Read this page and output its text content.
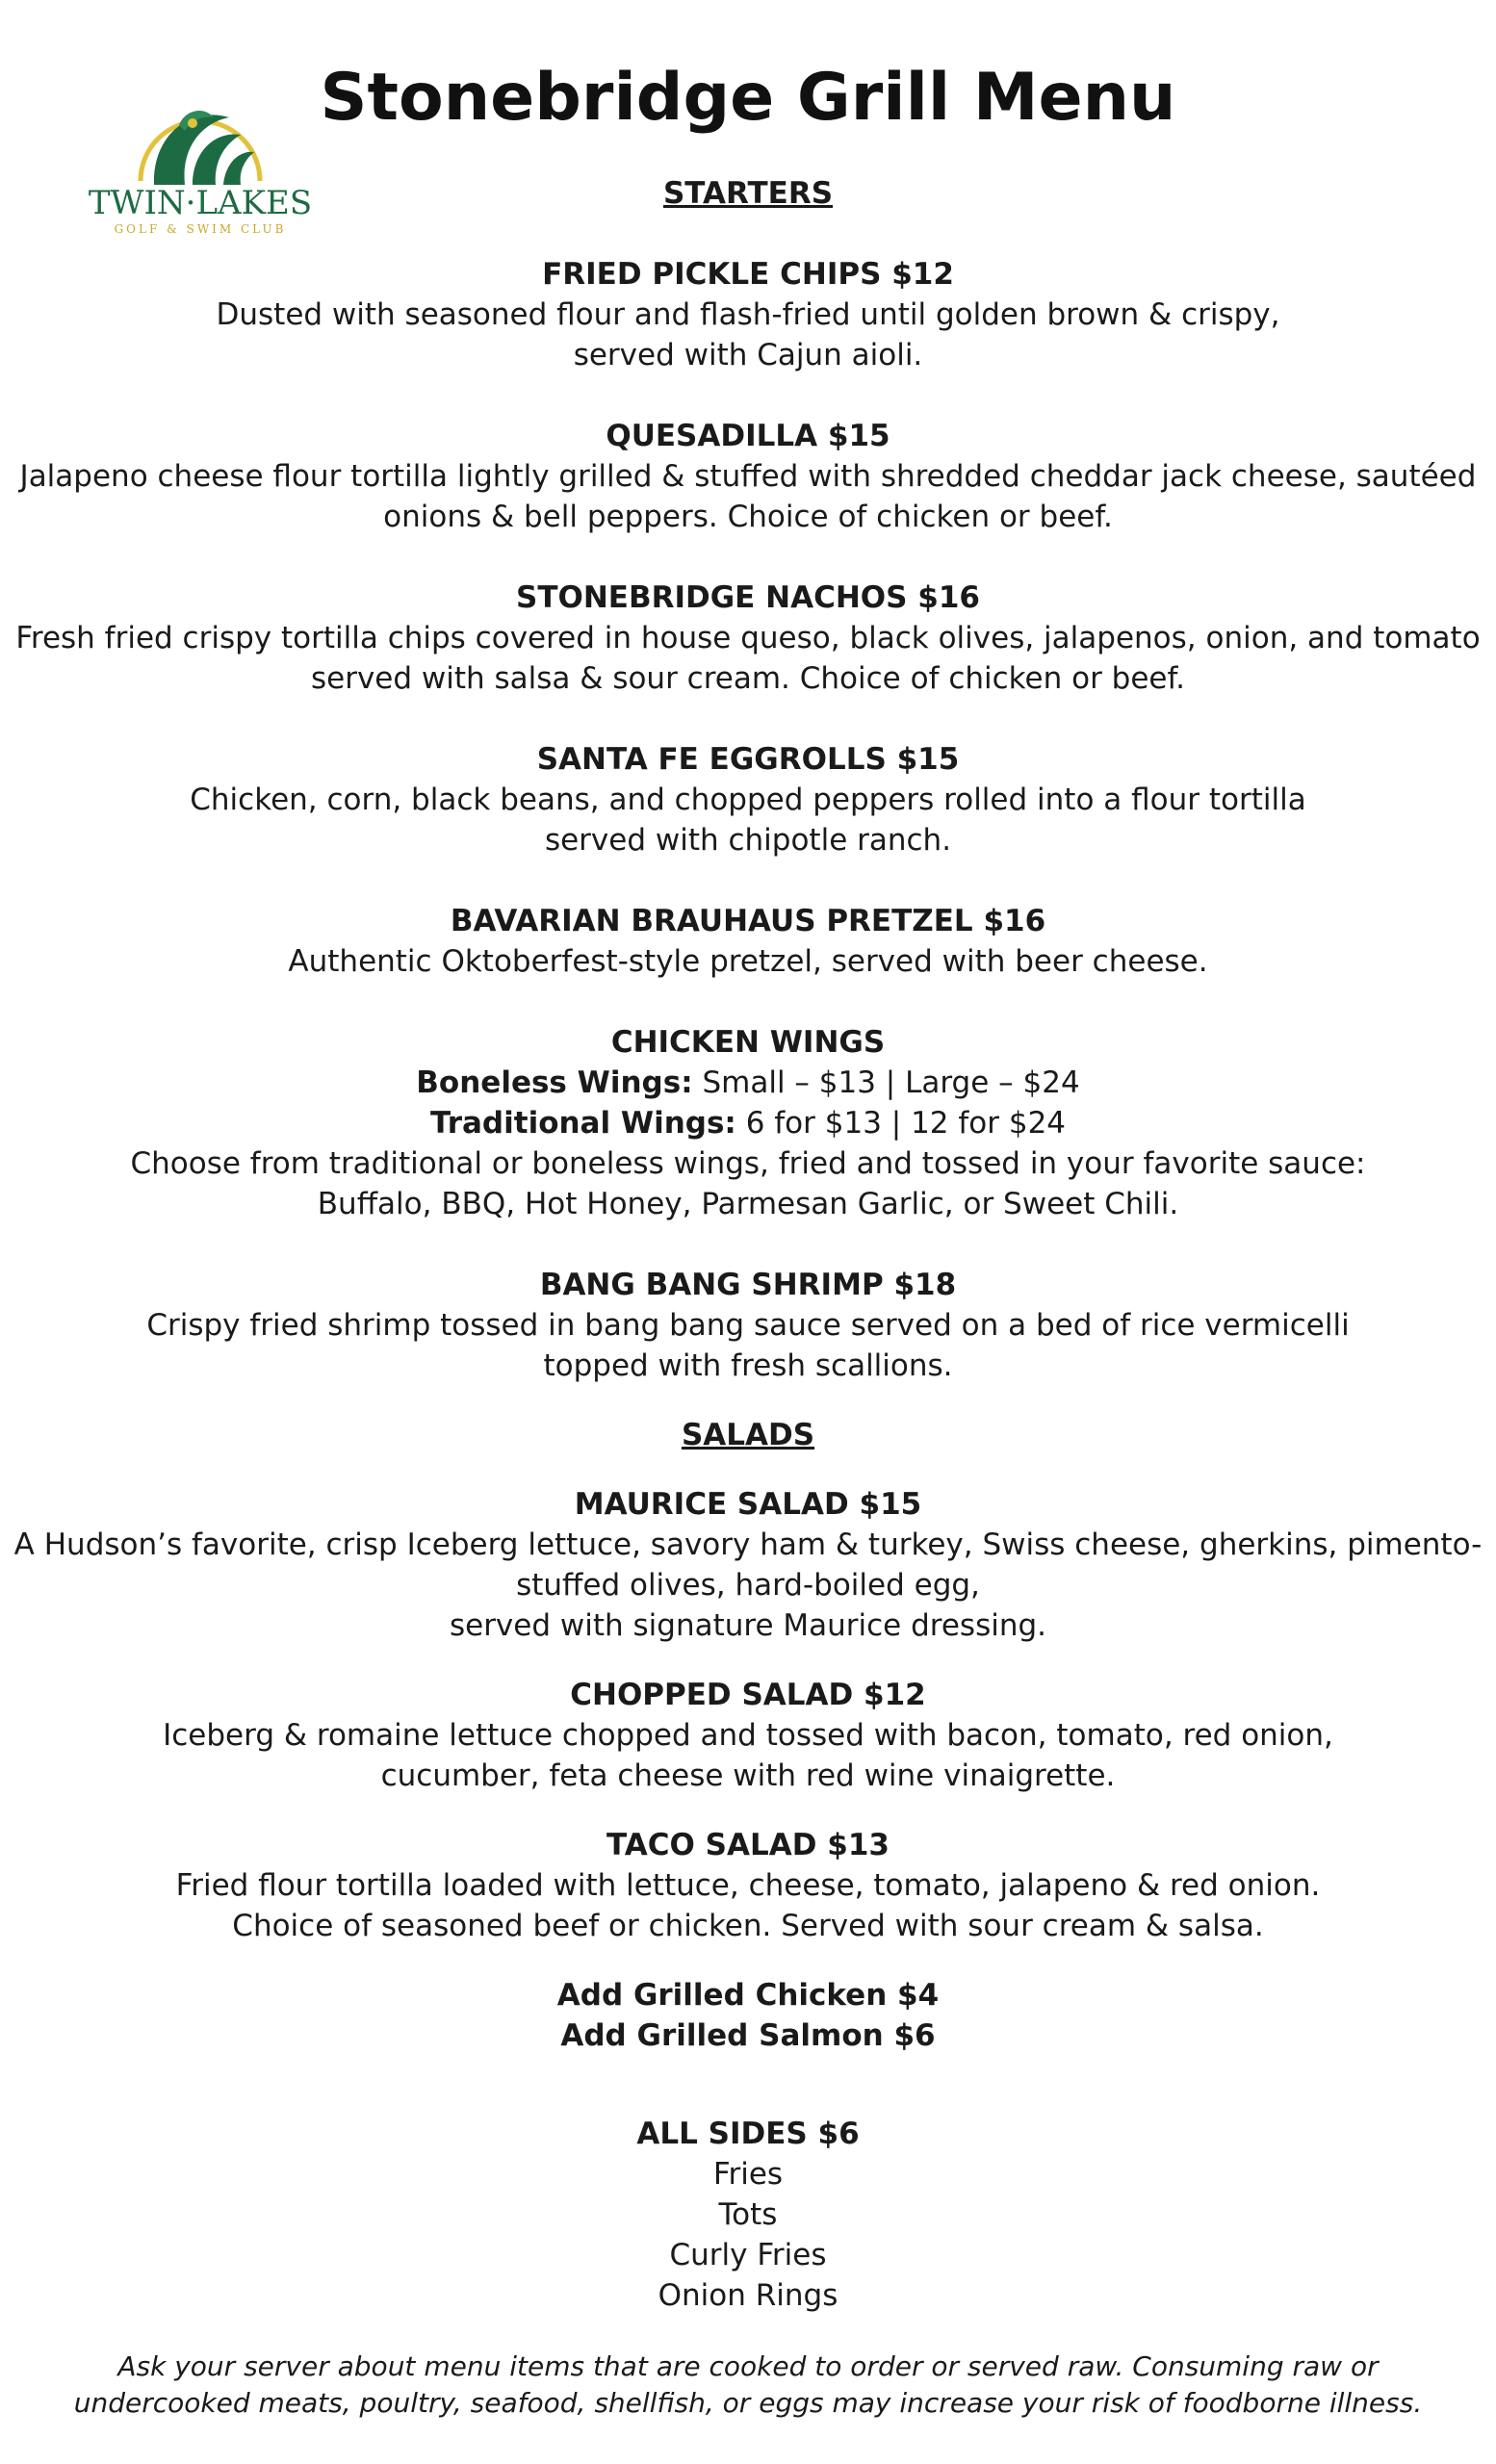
TWIN·LAKES
GOLF & SWIM CLUB
Stonebridge Grill Menu
STARTERS
FRIED PICKLE CHIPS $12
Dusted with seasoned flour and flash-fried until golden brown & crispy,
served with Cajun aioli.
QUESADILLA $15
Jalapeno cheese flour tortilla lightly grilled & stuffed with shredded cheddar jack cheese, sautéed
onions & bell peppers. Choice of chicken or beef.
STONEBRIDGE NACHOS $16
Fresh fried crispy tortilla chips covered in house queso, black olives, jalapenos, onion, and tomato
served with salsa & sour cream. Choice of chicken or beef.
SANTA FE EGGROLLS $15
Chicken, corn, black beans, and chopped peppers rolled into a flour tortilla
served with chipotle ranch.
BAVARIAN BRAUHAUS PRETZEL $16
Authentic Oktoberfest-style pretzel, served with beer cheese.
CHICKEN WINGS
Boneless Wings: Small – $13 | Large – $24
Traditional Wings: 6 for $13 | 12 for $24
Choose from traditional or boneless wings, fried and tossed in your favorite sauce:
Buffalo, BBQ, Hot Honey, Parmesan Garlic, or Sweet Chili.
BANG BANG SHRIMP $18
Crispy fried shrimp tossed in bang bang sauce served on a bed of rice vermicelli
topped with fresh scallions.
SALADS
MAURICE SALAD $15
A Hudson’s favorite, crisp Iceberg lettuce, savory ham & turkey, Swiss cheese, gherkins, pimento-
stuffed olives, hard-boiled egg,
served with signature Maurice dressing.
CHOPPED SALAD $12
Iceberg & romaine lettuce chopped and tossed with bacon, tomato, red onion,
cucumber, feta cheese with red wine vinaigrette.
TACO SALAD $13
Fried flour tortilla loaded with lettuce, cheese, tomato, jalapeno & red onion.
Choice of seasoned beef or chicken. Served with sour cream & salsa.
Add Grilled Chicken $4
Add Grilled Salmon $6
ALL SIDES $6
Fries
Tots
Curly Fries
Onion Rings
Ask your server about menu items that are cooked to order or served raw. Consuming raw or
undercooked meats, poultry, seafood, shellfish, or eggs may increase your risk of foodborne illness.
